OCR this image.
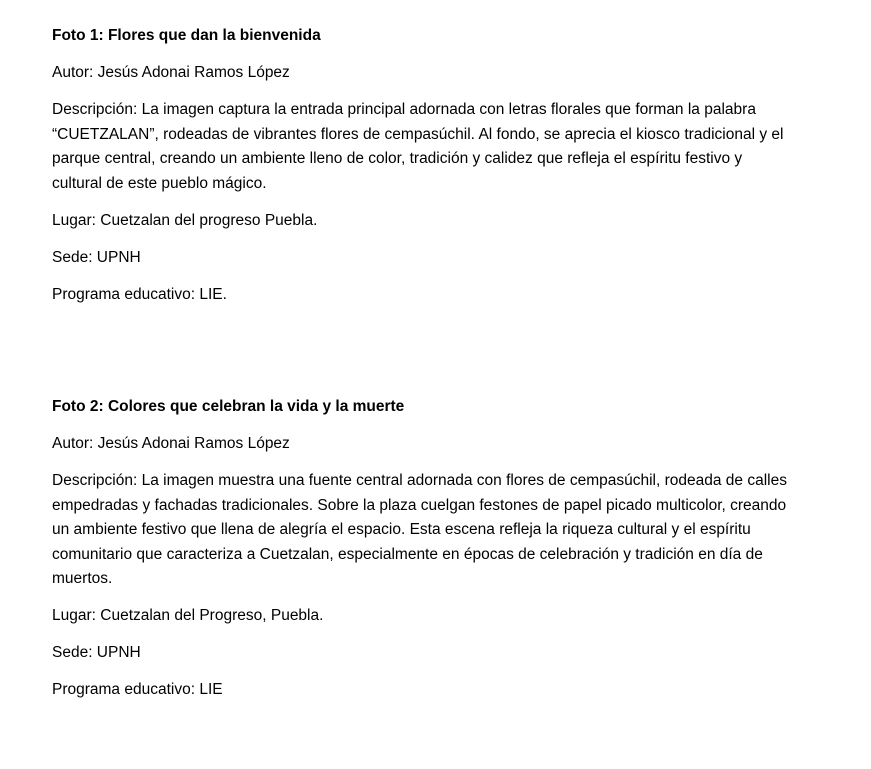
Foto 1: Flores que dan la bienvenida

Autor: Jesús Adonai Ramos López

Descripción: La imagen captura la entrada principal adornada con letras florales que forman la palabra “CUETZALAN”, rodeadas de vibrantes flores de cempasúchil. Al fondo, se aprecia el kiosco tradicional y el parque central, creando un ambiente lleno de color, tradición y calidez que refleja el espíritu festivo y cultural de este pueblo mágico.

Lugar: Cuetzalan del progreso Puebla.

Sede: UPNH

Programa educativo: LIE.

Foto 2: Colores que celebran la vida y la muerte

Autor: Jesús Adonai Ramos López

Descripción: La imagen muestra una fuente central adornada con flores de cempasúchil, rodeada de calles empedradas y fachadas tradicionales. Sobre la plaza cuelgan festones de papel picado multicolor, creando un ambiente festivo que llena de alegría el espacio. Esta escena refleja la riqueza cultural y el espíritu comunitario que caracteriza a Cuetzalan, especialmente en épocas de celebración y tradición en día de muertos.

Lugar: Cuetzalan del Progreso, Puebla.

Sede: UPNH

Programa educativo: LIE
